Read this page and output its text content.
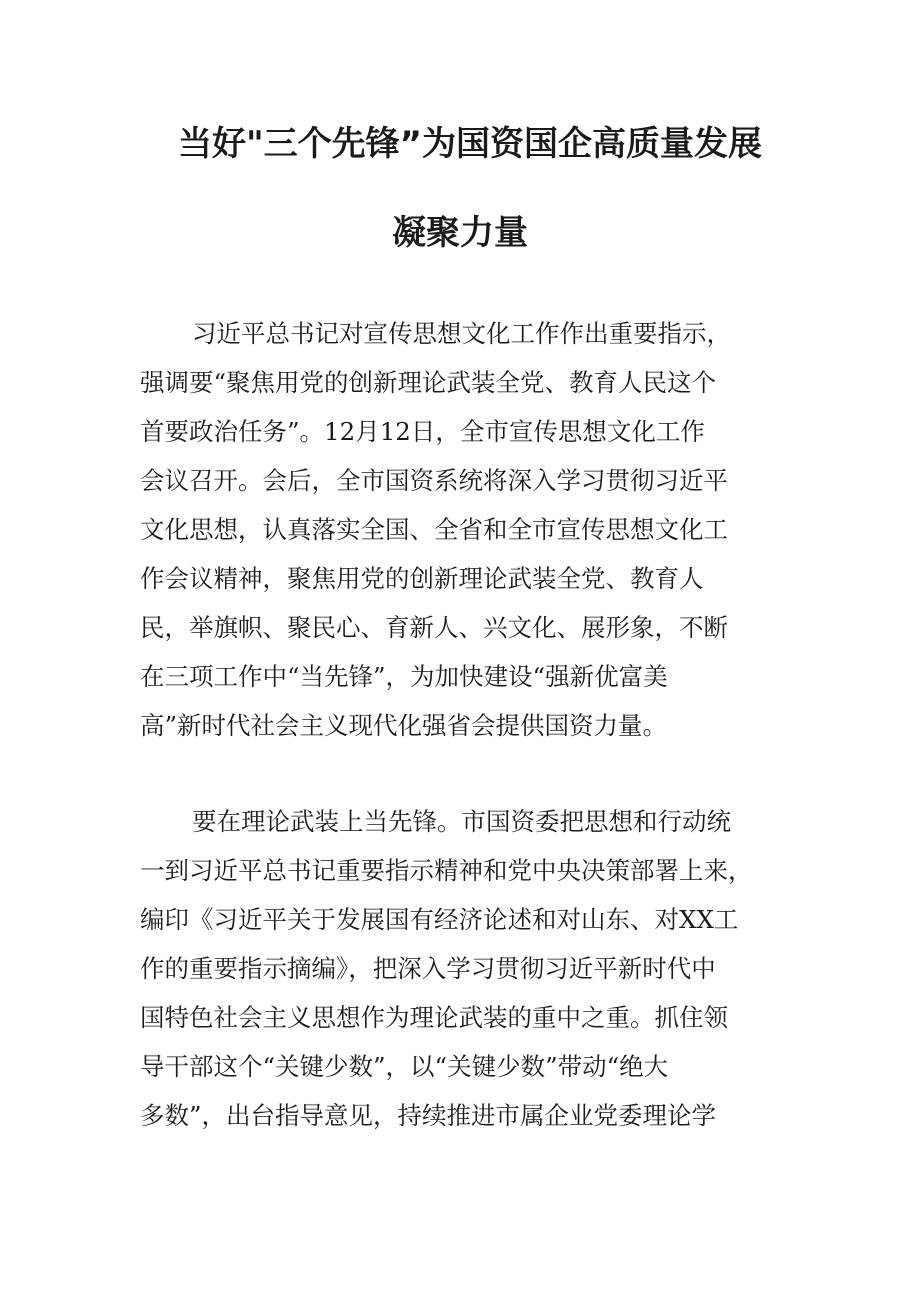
当好"三个先锋”为国资国企高质量发展
凝聚力量

习近平总书记对宣传思想文化工作作出重要指示，

强调要“聚焦用党的创新理论武装全党、教育人民这个

首要政治任务”。12月12日，全市宣传思想文化工作

会议召开。会后，全市国资系统将深入学习贯彻习近平

文化思想，认真落实全国、全省和全市宣传思想文化工

作会议精神，聚焦用党的创新理论武装全党、教育人

民，举旗帜、聚民心、育新人、兴文化、展形象，不断

在三项工作中“当先锋”，为加快建设“强新优富美

高”新时代社会主义现代化强省会提供国资力量。

要在理论武装上当先锋。市国资委把思想和行动统

一到习近平总书记重要指示精神和党中央决策部署上来，

编印《习近平关于发展国有经济论述和对山东、对XX工

作的重要指示摘编》，把深入学习贯彻习近平新时代中

国特色社会主义思想作为理论武装的重中之重。抓住领

导干部这个“关键少数”，以“关键少数”带动“绝大

多数”，出台指导意见，持续推进市属企业党委理论学
